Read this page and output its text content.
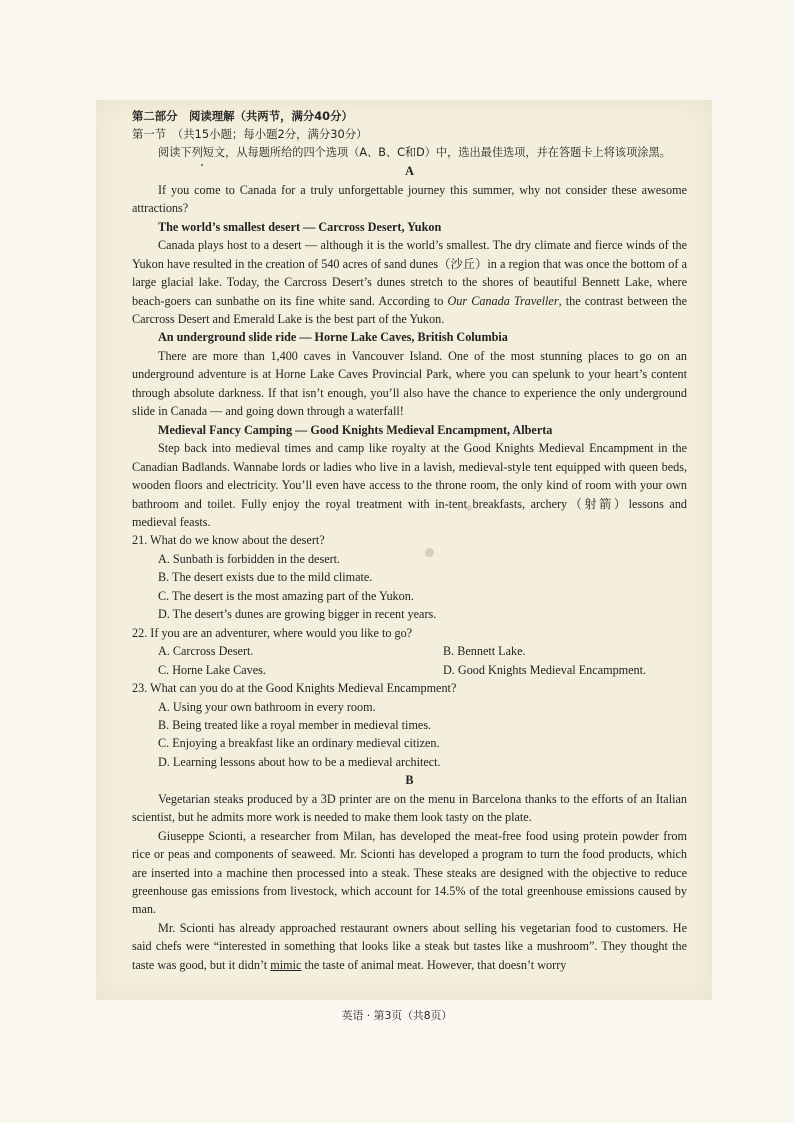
第二部分　阅读理解（共两节，满分40分）
第一节　（共15小题；每小题2分，满分30分）
阅读下列短文，从每题所给的四个选项（A、B、C和D）中，选出最佳选项，并在答题卡上将该项涂黑。
A
If you come to Canada for a truly unforgettable journey this summer, why not consider these awesome attractions?
The world’s smallest desert — Carcross Desert, Yukon
Canada plays host to a desert — although it is the world’s smallest. The dry climate and fierce winds of the Yukon have resulted in the creation of 540 acres of sand dunes（沙丘）in a region that was once the bottom of a large glacial lake. Today, the Carcross Desert’s dunes stretch to the shores of beautiful Bennett Lake, where beach-goers can sunbathe on its fine white sand. According to Our Canada Traveller, the contrast between the Carcross Desert and Emerald Lake is the best part of the Yukon.
An underground slide ride — Horne Lake Caves, British Columbia
There are more than 1,400 caves in Vancouver Island. One of the most stunning places to go on an underground adventure is at Horne Lake Caves Provincial Park, where you can spelunk to your heart’s content through absolute darkness. If that isn’t enough, you’ll also have the chance to experience the only underground slide in Canada — and going down through a waterfall!
Medieval Fancy Camping — Good Knights Medieval Encampment, Alberta
Step back into medieval times and camp like royalty at the Good Knights Medieval Encampment in the Canadian Badlands. Wannabe lords or ladies who live in a lavish, medieval-style tent equipped with queen beds, wooden floors and electricity. You’ll even have access to the throne room, the only kind of room with your own bathroom and toilet. Fully enjoy the royal treatment with in-tent breakfasts, archery（射箭）lessons and medieval feasts.
21. What do we know about the desert?
A. Sunbath is forbidden in the desert.
B. The desert exists due to the mild climate.
C. The desert is the most amazing part of the Yukon.
D. The desert’s dunes are growing bigger in recent years.
22. If you are an adventurer, where would you like to go?
A. Carcross Desert.	B. Bennett Lake.
C. Horne Lake Caves.	D. Good Knights Medieval Encampment.
23. What can you do at the Good Knights Medieval Encampment?
A. Using your own bathroom in every room.
B. Being treated like a royal member in medieval times.
C. Enjoying a breakfast like an ordinary medieval citizen.
D. Learning lessons about how to be a medieval architect.
B
Vegetarian steaks produced by a 3D printer are on the menu in Barcelona thanks to the efforts of an Italian scientist, but he admits more work is needed to make them look tasty on the plate.
Giuseppe Scionti, a researcher from Milan, has developed the meat-free food using protein powder from rice or peas and components of seaweed. Mr. Scionti has developed a program to turn the food products, which are inserted into a machine then processed into a steak. These steaks are designed with the objective to reduce greenhouse gas emissions from livestock, which account for 14.5% of the total greenhouse emissions caused by man.
Mr. Scionti has already approached restaurant owners about selling his vegetarian food to customers. He said chefs were “interested in something that looks like a steak but tastes like a mushroom”. They thought the taste was good, but it didn’t mimic the taste of animal meat. However, that doesn’t worry
英语 · 第3页（共8页）
